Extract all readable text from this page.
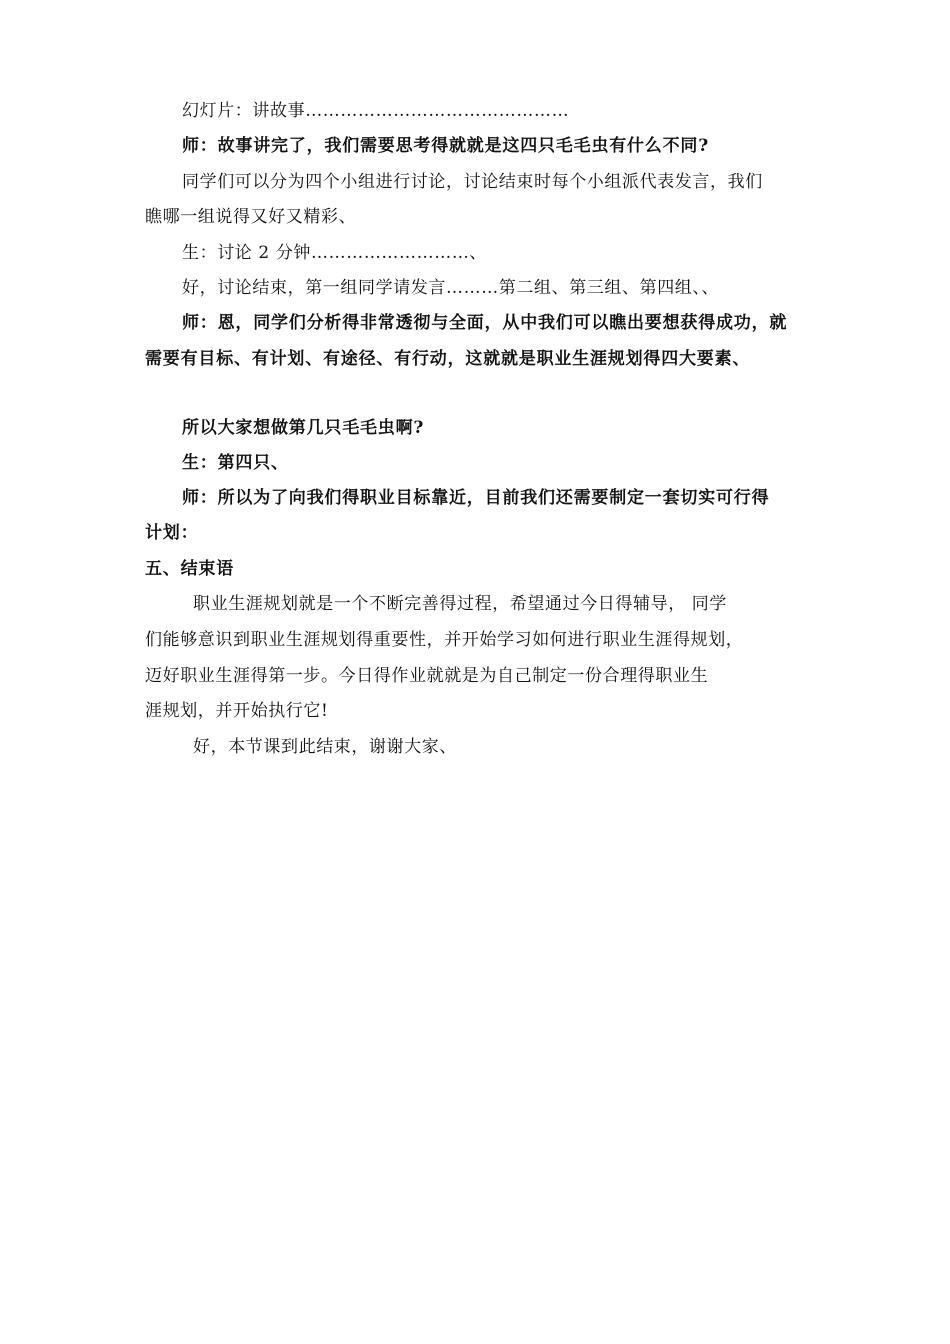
幻灯片：讲故事………………………………………
师：故事讲完了，我们需要思考得就就是这四只毛毛虫有什么不同?
同学们可以分为四个小组进行讨论，讨论结束时每个小组派代表发言，我们
瞧哪一组说得又好又精彩、
生：讨论 2 分钟………………………、
好，讨论结束，第一组同学请发言………第二组、第三组、第四组、、
师：恩，同学们分析得非常透彻与全面，从中我们可以瞧出要想获得成功，就
需要有目标、有计划、有途径、有行动，这就就是职业生涯规划得四大要素、
所以大家想做第几只毛毛虫啊?
生：第四只、
师：所以为了向我们得职业目标靠近，目前我们还需要制定一套切实可行得
计划：
五、结束语
职业生涯规划就是一个不断完善得过程，希望通过今日得辅导， 同学
们能够意识到职业生涯规划得重要性，并开始学习如何进行职业生涯得规划，
迈好职业生涯得第一步。今日得作业就就是为自己制定一份合理得职业生
涯规划，并开始执行它!
好，本节课到此结束，谢谢大家、
